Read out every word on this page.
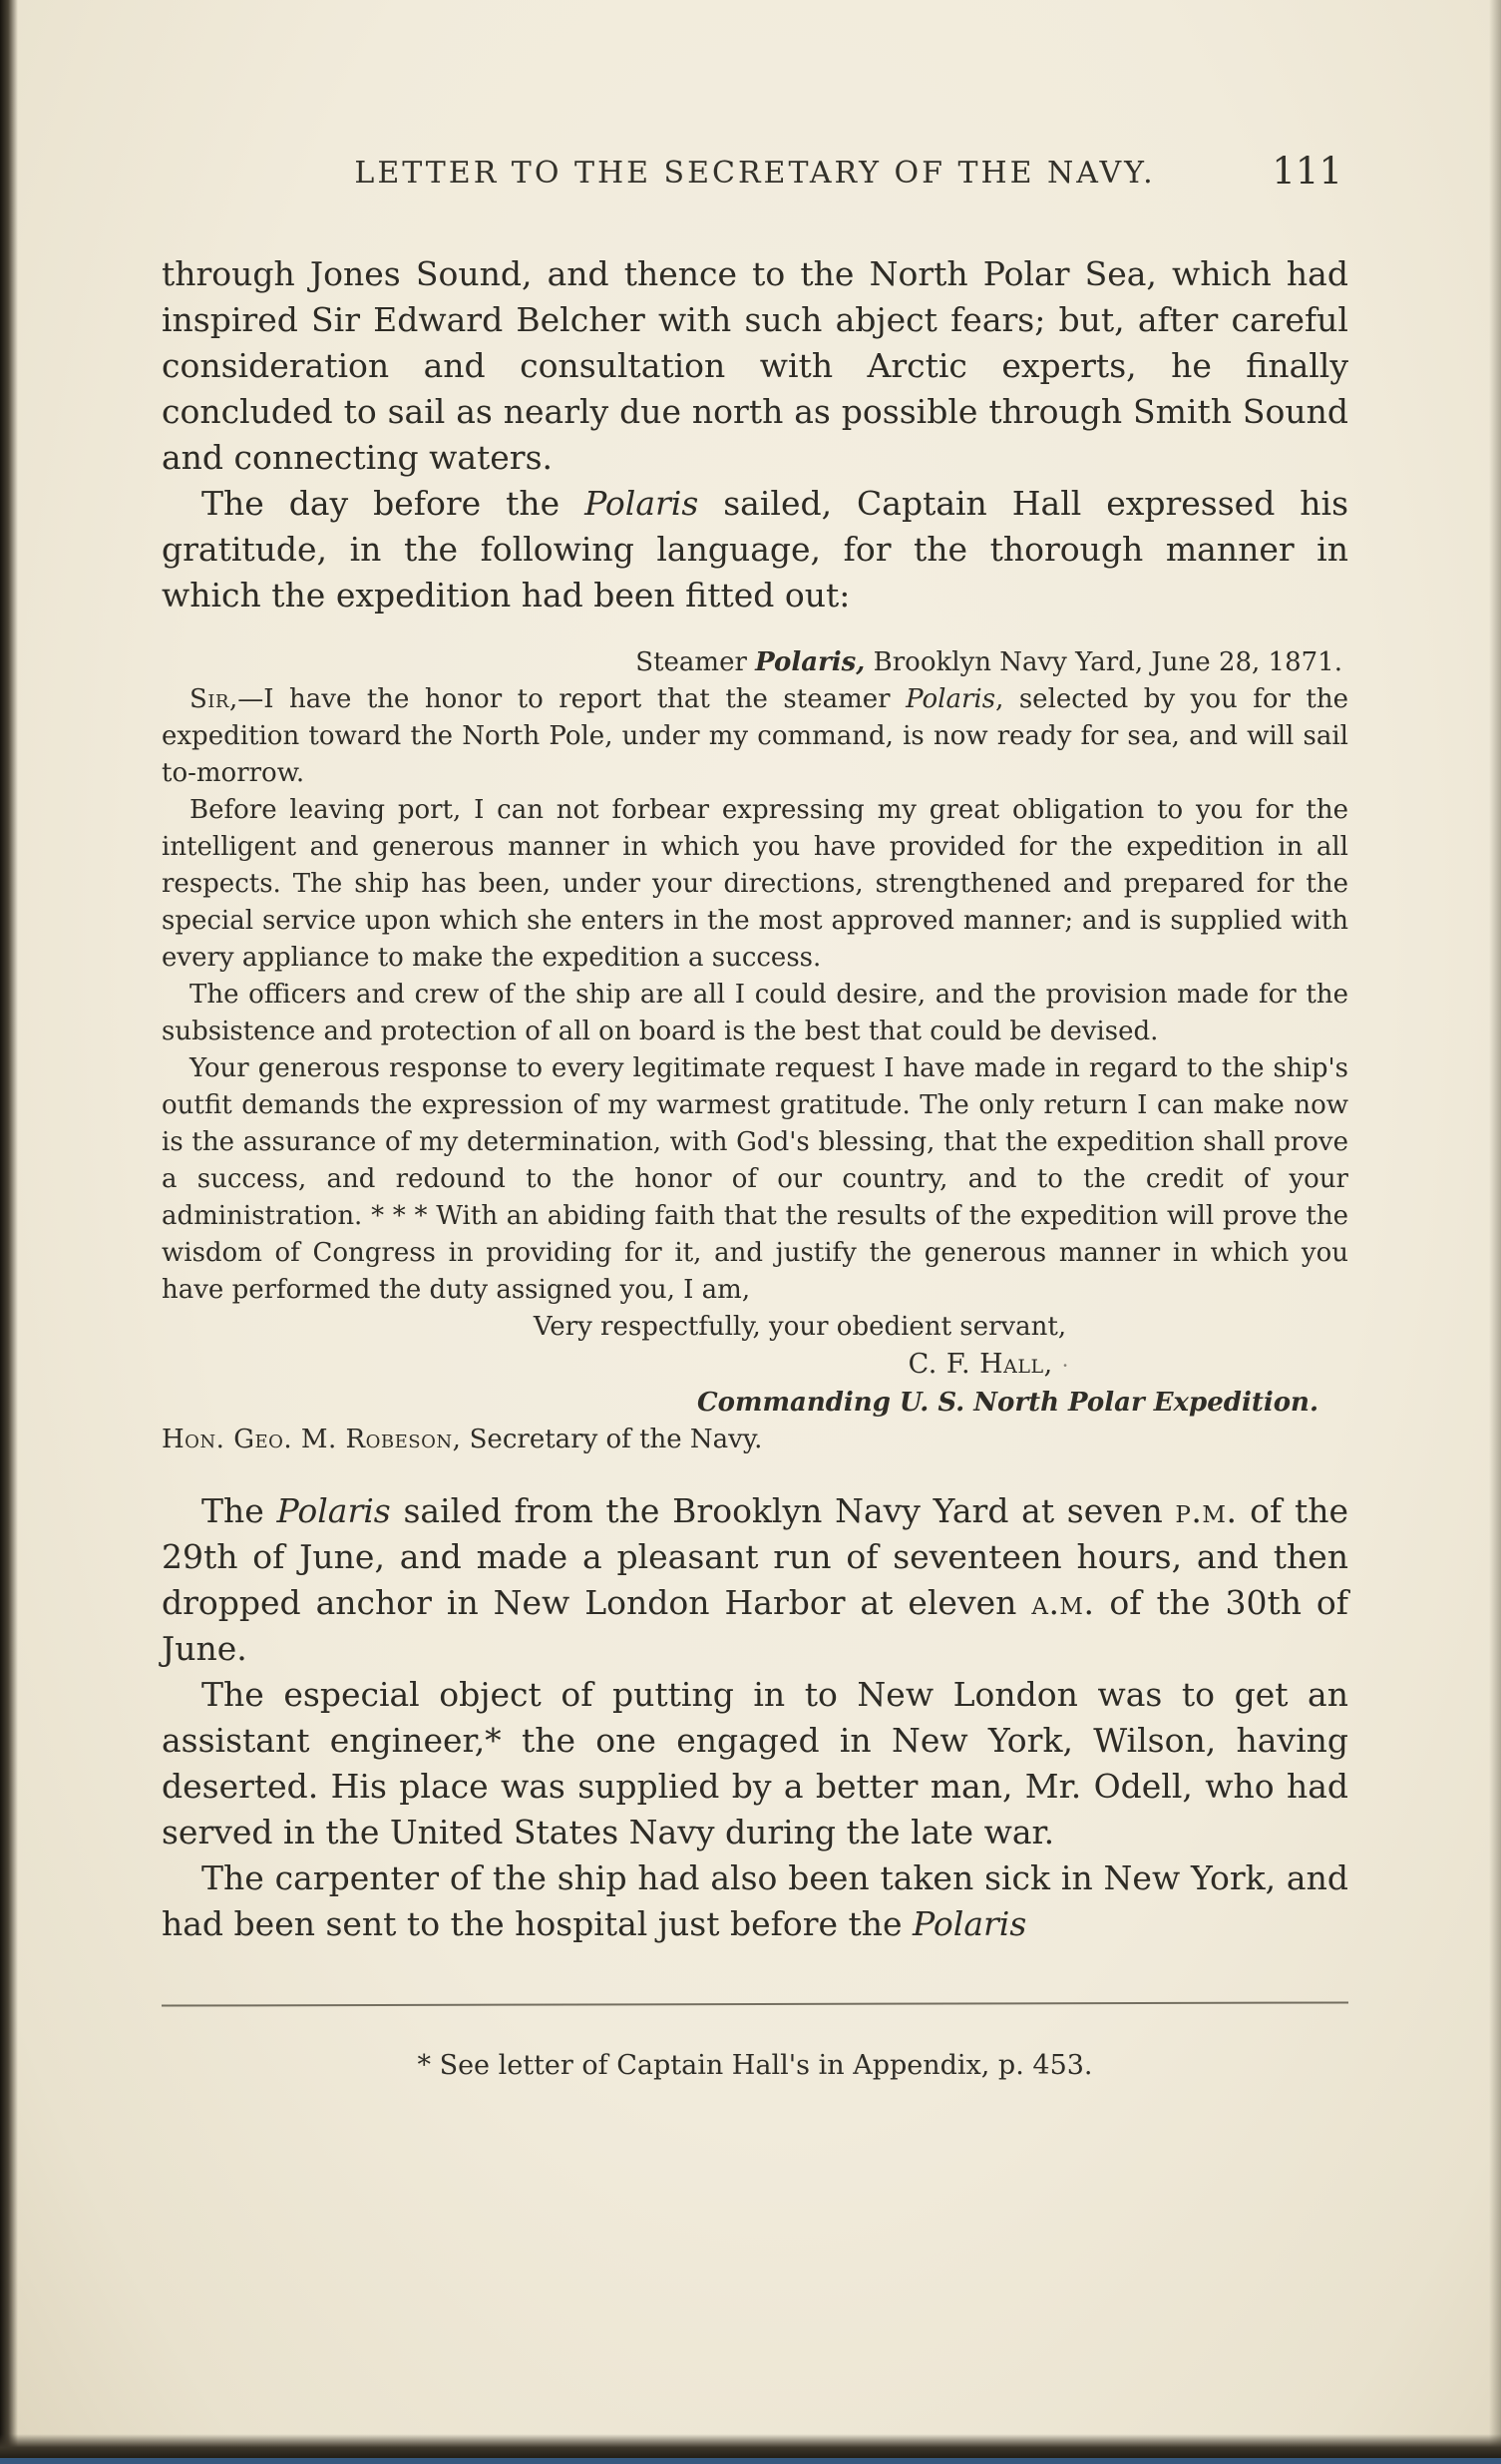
LETTER TO THE SECRETARY OF THE NAVY.	111

through Jones Sound, and thence to the North Polar Sea, which had inspired Sir Edward Belcher with such abject fears; but, after careful consideration and consultation with Arctic experts, he finally concluded to sail as nearly due north as possible through Smith Sound and connecting waters.

The day before the Polaris sailed, Captain Hall expressed his gratitude, in the following language, for the thorough manner in which the expedition had been fitted out:

Steamer Polaris, Brooklyn Navy Yard, June 28, 1871.

Sir,—I have the honor to report that the steamer Polaris, selected by you for the expedition toward the North Pole, under my command, is now ready for sea, and will sail to-morrow.

Before leaving port, I can not forbear expressing my great obligation to you for the intelligent and generous manner in which you have provided for the expedition in all respects. The ship has been, under your directions, strengthened and prepared for the special service upon which she enters in the most approved manner; and is supplied with every appliance to make the expedition a success.

The officers and crew of the ship are all I could desire, and the provision made for the subsistence and protection of all on board is the best that could be devised.

Your generous response to every legitimate request I have made in regard to the ship's outfit demands the expression of my warmest gratitude. The only return I can make now is the assurance of my determination, with God's blessing, that the expedition shall prove a success, and redound to the honor of our country, and to the credit of your administration. * * * With an abiding faith that the results of the expedition will prove the wisdom of Congress in providing for it, and justify the generous manner in which you have performed the duty assigned you, I am,

Very respectfully, your obedient servant,

C. F. Hall, ·

Commanding U. S. North Polar Expedition.

Hon. Geo. M. Robeson, Secretary of the Navy.

The Polaris sailed from the Brooklyn Navy Yard at seven p.m. of the 29th of June, and made a pleasant run of seventeen hours, and then dropped anchor in New London Harbor at eleven a.m. of the 30th of June.

The especial object of putting in to New London was to get an assistant engineer,* the one engaged in New York, Wilson, having deserted. His place was supplied by a better man, Mr. Odell, who had served in the United States Navy during the late war.

The carpenter of the ship had also been taken sick in New York, and had been sent to the hospital just before the Polaris

* See letter of Captain Hall's in Appendix, p. 453.
